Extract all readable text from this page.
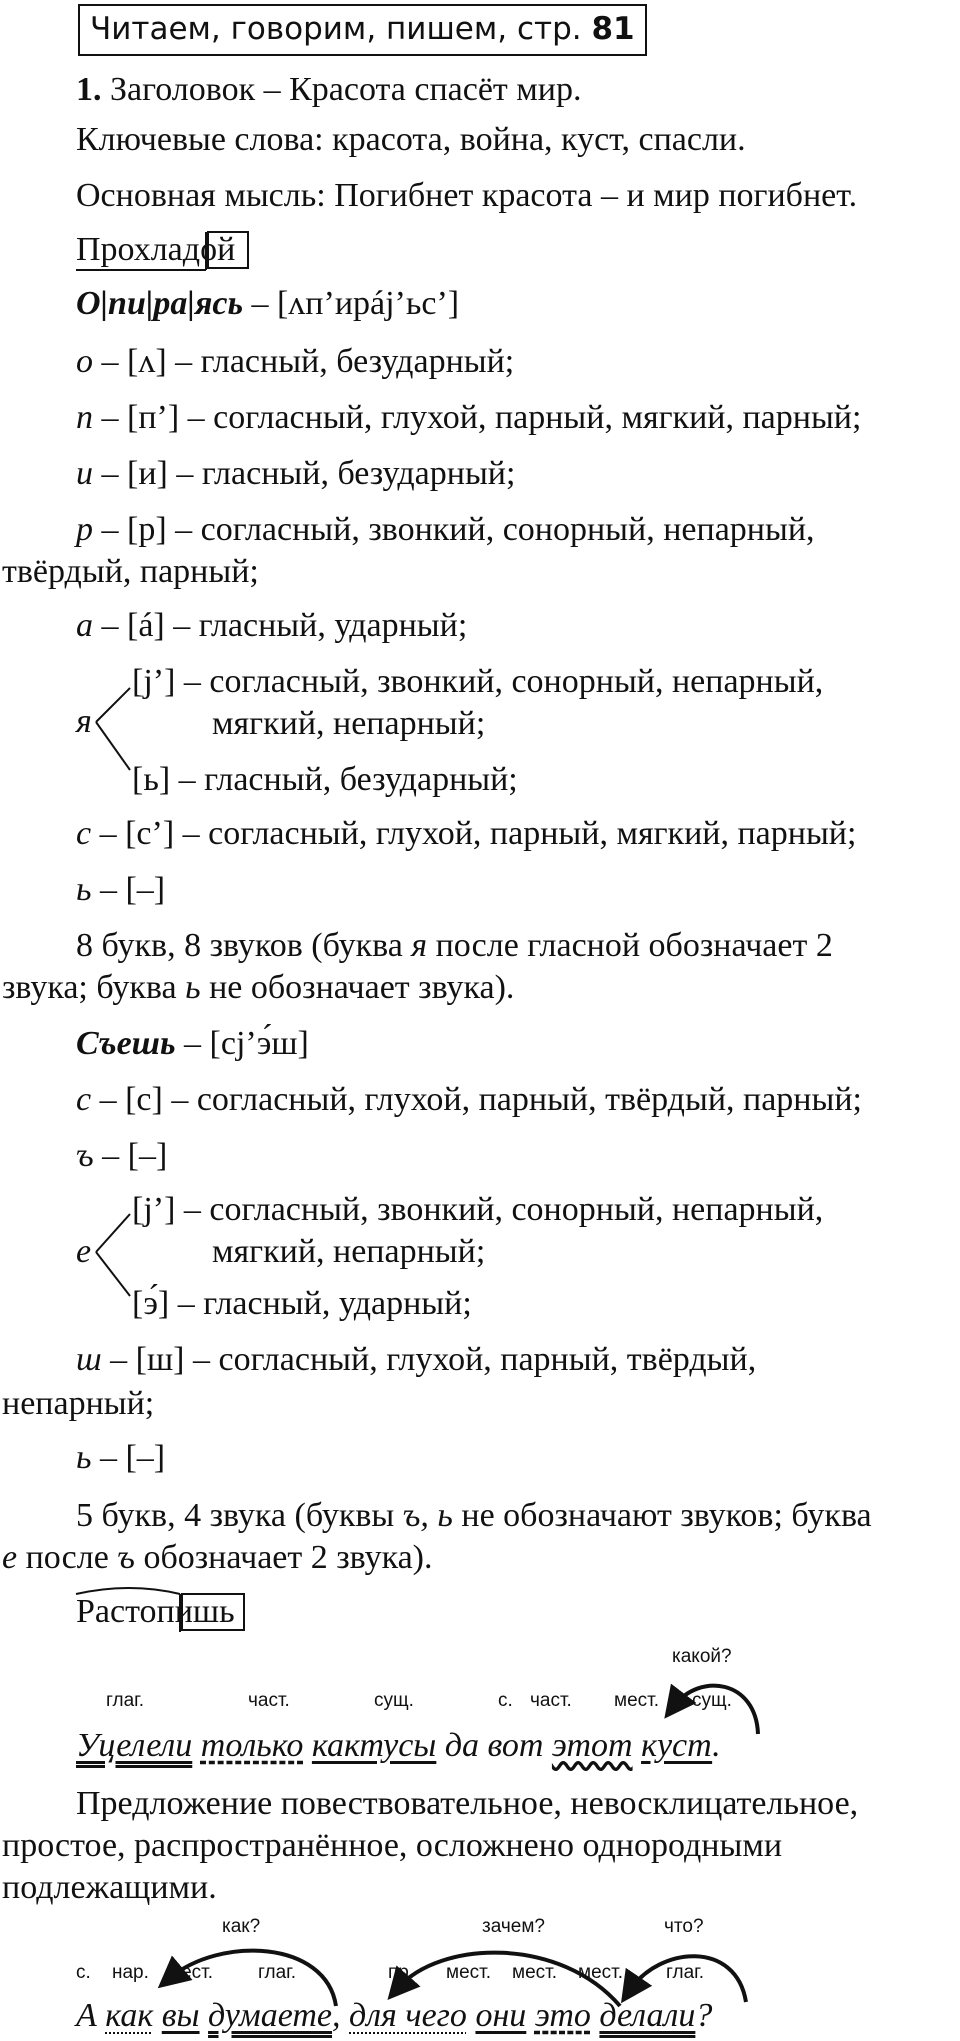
Читаем, говорим, пишем, стр. 81
1. Заголовок – Красота спасёт мир.
Ключевые слова: красота, война, куст, спасли.
Основная мысль: Погибнет красота – и мир погибнет.
Прохладой
О|пи|ра|ясь – [ʌп’ирáj’ьс’]
о – [ʌ] – гласный, безударный;
п – [п’] – согласный, глухой, парный, мягкий, парный;
и – [и] – гласный, безударный;
р – [р] – согласный, звонкий, сонорный, непарный,
твёрдый, парный;
а – [á] – гласный, ударный;
я
[j’] – согласный, звонкий, сонорный, непарный,
мягкий, непарный;
[ь] – гласный, безударный;
с – [с’] – согласный, глухой, парный, мягкий, парный;
ь – [–]
8 букв, 8 звуков (буква я после гласной обозначает 2
звука; буква ь не обозначает звука).
Съешь – [сj’э́ш]
с – [с] – согласный, глухой, парный, твёрдый, парный;
ъ – [–]
е
[j’] – согласный, звонкий, сонорный, непарный,
мягкий, непарный;
[э́] – гласный, ударный;
ш – [ш] – согласный, глухой, парный, твёрдый,
непарный;
ь – [–]
5 букв, 4 звука (буквы ъ, ь не обозначают звуков; буква
е после ъ обозначает 2 звука).
Растопишь
какой?
глаг.	част.	сущ.	с. част. мест. сущ.
Уцелели только кактусы да вот этот куст.
Предложение повествовательное, невосклицательное,
простое, распространённое, осложнено однородными
подлежащими.
как?	зачем?	что?
с. нар. мест. глаг.	пр. мест. мест. мест. глаг.
А как вы думаете, для чего они это делали?
